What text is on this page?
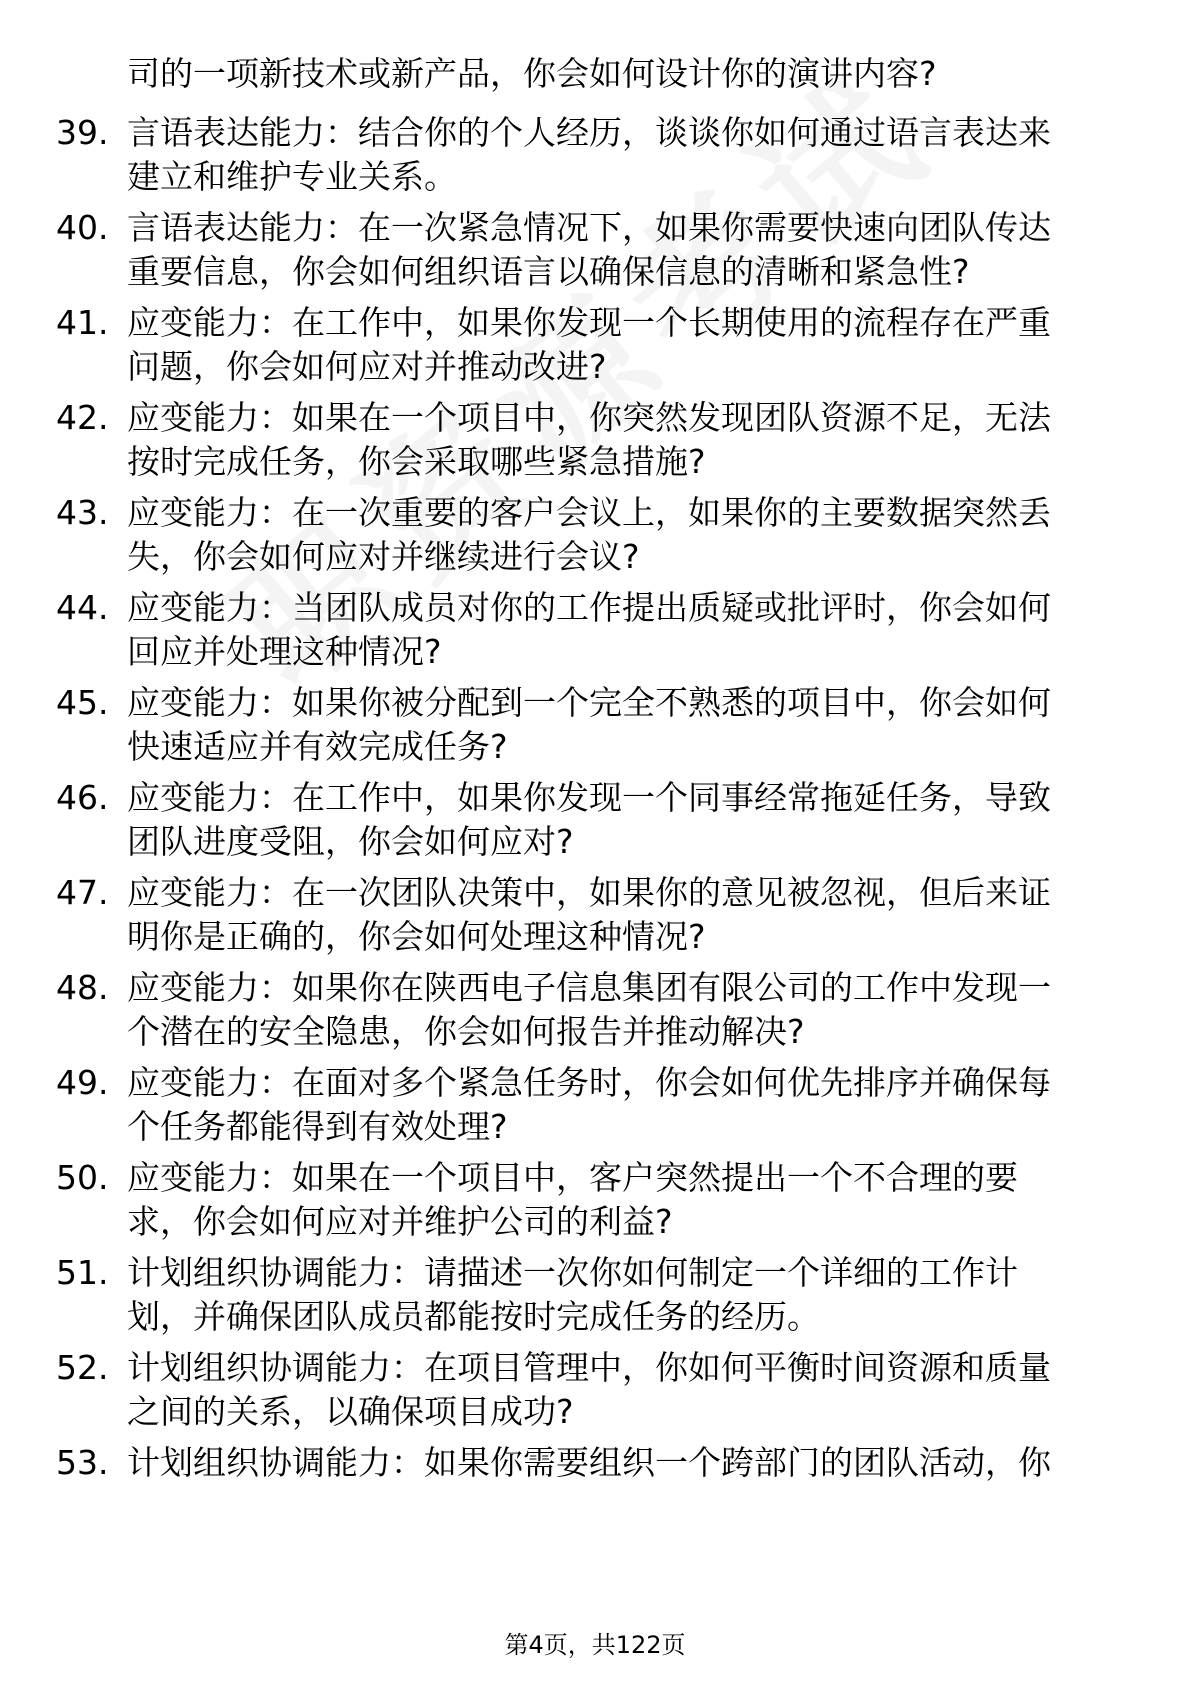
司的一项新技术或新产品，你会如何设计你的演讲内容?
39. 言语表达能力：结合你的个人经历，谈谈你如何通过语言表达来
建立和维护专业关系。
40. 言语表达能力：在一次紧急情况下，如果你需要快速向团队传达
重要信息，你会如何组织语言以确保信息的清晰和紧急性?
41. 应变能力：在工作中，如果你发现一个长期使用的流程存在严重
问题，你会如何应对并推动改进?
42. 应变能力：如果在一个项目中，你突然发现团队资源不足，无法
按时完成任务，你会采取哪些紧急措施?
43. 应变能力：在一次重要的客户会议上，如果你的主要数据突然丢
失，你会如何应对并继续进行会议?
44. 应变能力：当团队成员对你的工作提出质疑或批评时，你会如何
回应并处理这种情况?
45. 应变能力：如果你被分配到一个完全不熟悉的项目中，你会如何
快速适应并有效完成任务?
46. 应变能力：在工作中，如果你发现一个同事经常拖延任务，导致
团队进度受阻，你会如何应对?
47. 应变能力：在一次团队决策中，如果你的意见被忽视，但后来证
明你是正确的，你会如何处理这种情况?
48. 应变能力：如果你在陕西电子信息集团有限公司的工作中发现一
个潜在的安全隐患，你会如何报告并推动解决?
49. 应变能力：在面对多个紧急任务时，你会如何优先排序并确保每
个任务都能得到有效处理?
50. 应变能力：如果在一个项目中，客户突然提出一个不合理的要
求，你会如何应对并维护公司的利益?
51. 计划组织协调能力：请描述一次你如何制定一个详细的工作计
划，并确保团队成员都能按时完成任务的经历。
52. 计划组织协调能力：在项目管理中，你如何平衡时间资源和质量
之间的关系，以确保项目成功?
53. 计划组织协调能力：如果你需要组织一个跨部门的团队活动，你
第4页，共122页
